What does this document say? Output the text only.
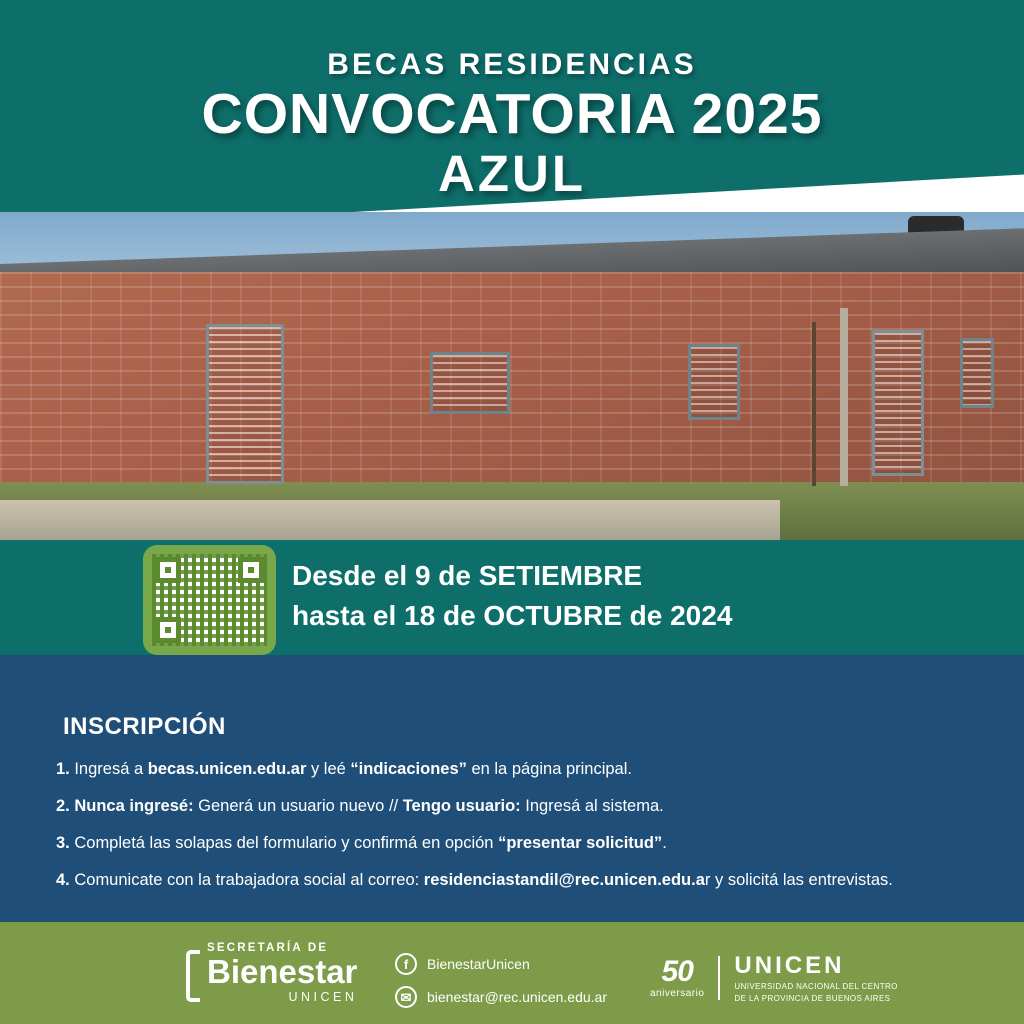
BECAS RESIDENCIAS
CONVOCATORIA 2025
AZUL
Desde el 9 de SETIEMBRE
hasta el 18 de OCTUBRE de 2024
INSCRIPCIÓN
1. Ingresá a becas.unicen.edu.ar y leé “indicaciones” en la página principal.
2. Nunca ingresé: Generá un usuario nuevo // Tengo usuario: Ingresá al sistema.
3. Completá las solapas del formulario y confirmá en opción “presentar solicitud”.
4. Comunicate con la trabajadora social al correo: residenciastandil@rec.unicen.edu.ar y solicitá las entrevistas.
SECRETARÍA DE
Bienestar
UNICEN
f	BienestarUnicen
✉	bienestar@rec.unicen.edu.ar
50
aniversario
UNICEN
UNIVERSIDAD NACIONAL DEL CENTRO
DE LA PROVINCIA DE BUENOS AIRES
